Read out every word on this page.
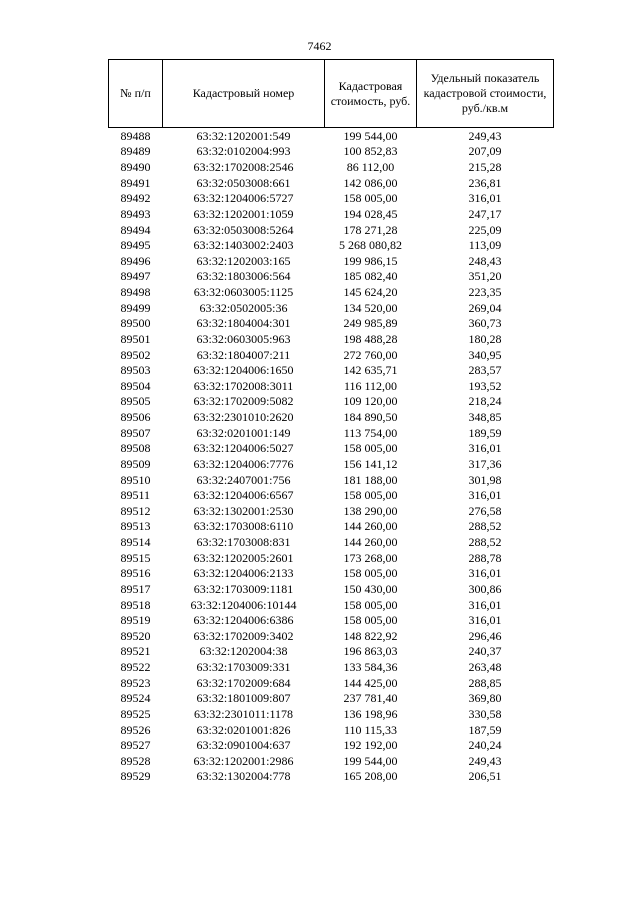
7462
№ п/п	Кадастровый номер	Кадастровая стоимость, руб.	Удельный показатель кадастровой стоимости, руб./кв.м
89488	63:32:1202001:549	199 544,00	249,43
89489	63:32:0102004:993	100 852,83	207,09
89490	63:32:1702008:2546	86 112,00	215,28
89491	63:32:0503008:661	142 086,00	236,81
89492	63:32:1204006:5727	158 005,00	316,01
89493	63:32:1202001:1059	194 028,45	247,17
89494	63:32:0503008:5264	178 271,28	225,09
89495	63:32:1403002:2403	5 268 080,82	113,09
89496	63:32:1202003:165	199 986,15	248,43
89497	63:32:1803006:564	185 082,40	351,20
89498	63:32:0603005:1125	145 624,20	223,35
89499	63:32:0502005:36	134 520,00	269,04
89500	63:32:1804004:301	249 985,89	360,73
89501	63:32:0603005:963	198 488,28	180,28
89502	63:32:1804007:211	272 760,00	340,95
89503	63:32:1204006:1650	142 635,71	283,57
89504	63:32:1702008:3011	116 112,00	193,52
89505	63:32:1702009:5082	109 120,00	218,24
89506	63:32:2301010:2620	184 890,50	348,85
89507	63:32:0201001:149	113 754,00	189,59
89508	63:32:1204006:5027	158 005,00	316,01
89509	63:32:1204006:7776	156 141,12	317,36
89510	63:32:2407001:756	181 188,00	301,98
89511	63:32:1204006:6567	158 005,00	316,01
89512	63:32:1302001:2530	138 290,00	276,58
89513	63:32:1703008:6110	144 260,00	288,52
89514	63:32:1703008:831	144 260,00	288,52
89515	63:32:1202005:2601	173 268,00	288,78
89516	63:32:1204006:2133	158 005,00	316,01
89517	63:32:1703009:1181	150 430,00	300,86
89518	63:32:1204006:10144	158 005,00	316,01
89519	63:32:1204006:6386	158 005,00	316,01
89520	63:32:1702009:3402	148 822,92	296,46
89521	63:32:1202004:38	196 863,03	240,37
89522	63:32:1703009:331	133 584,36	263,48
89523	63:32:1702009:684	144 425,00	288,85
89524	63:32:1801009:807	237 781,40	369,80
89525	63:32:2301011:1178	136 198,96	330,58
89526	63:32:0201001:826	110 115,33	187,59
89527	63:32:0901004:637	192 192,00	240,24
89528	63:32:1202001:2986	199 544,00	249,43
89529	63:32:1302004:778	165 208,00	206,51
